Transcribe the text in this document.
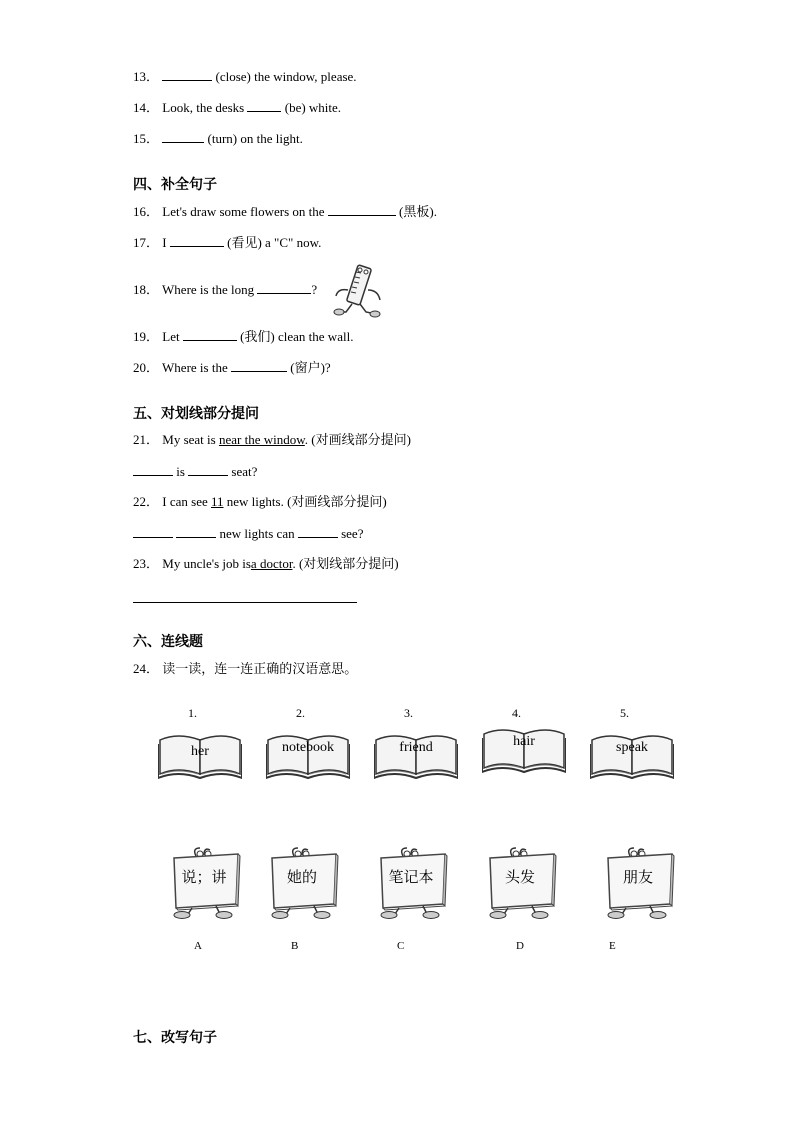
13．	(close) the window, please.
14． Look, the desks	(be) white.
15．	(turn) on the light.
四、补全句子
16． Let's draw some flowers on the	(黑板).
17． I	(看见) a "C" now.
18． Where is the long	?
19． Let	(我们) clean the wall.
20． Where is the	(窗户)?
五、对划线部分提问
21． My seat is near the window. (对画线部分提问)
is	seat?
22． I can see 11 new lights. (对画线部分提问)
new lights can	see?
23． My uncle's job isa doctor. (对划线部分提问)
六、连线题
24． 读一读，连一连正确的汉语意思。
1.
her
2.
notebook
3.
friend
4.
hair
5.
speak
说；讲
A
她的
B
笔记本
C
头发
D
朋友
E
七、改写句子
